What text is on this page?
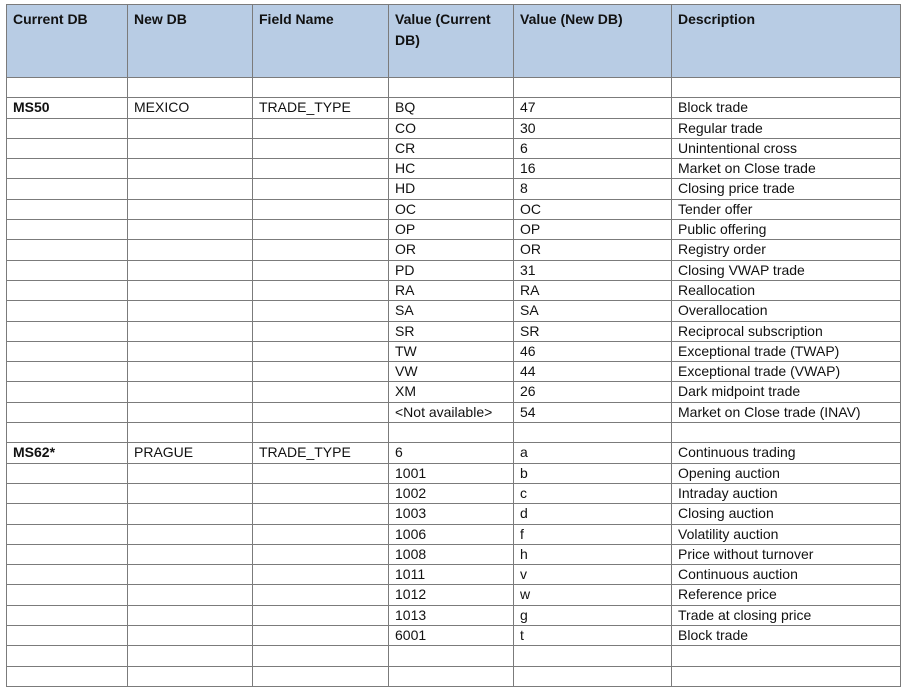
Current DB	New DB	Field Name	Value (Current DB)	Value (New DB)	Description

MS50	MEXICO	TRADE_TYPE	BQ	47	Block trade
			CO	30	Regular trade
			CR	6	Unintentional cross
			HC	16	Market on Close trade
			HD	8	Closing price trade
			OC	OC	Tender offer
			OP	OP	Public offering
			OR	OR	Registry order
			PD	31	Closing VWAP trade
			RA	RA	Reallocation
			SA	SA	Overallocation
			SR	SR	Reciprocal subscription
			TW	46	Exceptional trade (TWAP)
			VW	44	Exceptional trade (VWAP)
			XM	26	Dark midpoint trade
			<Not available>	54	Market on Close trade (INAV)

MS62*	PRAGUE	TRADE_TYPE	6	a	Continuous trading
			1001	b	Opening auction
			1002	c	Intraday auction
			1003	d	Closing auction
			1006	f	Volatility auction
			1008	h	Price without turnover
			1011	v	Continuous auction
			1012	w	Reference price
			1013	g	Trade at closing price
			6001	t	Block trade
